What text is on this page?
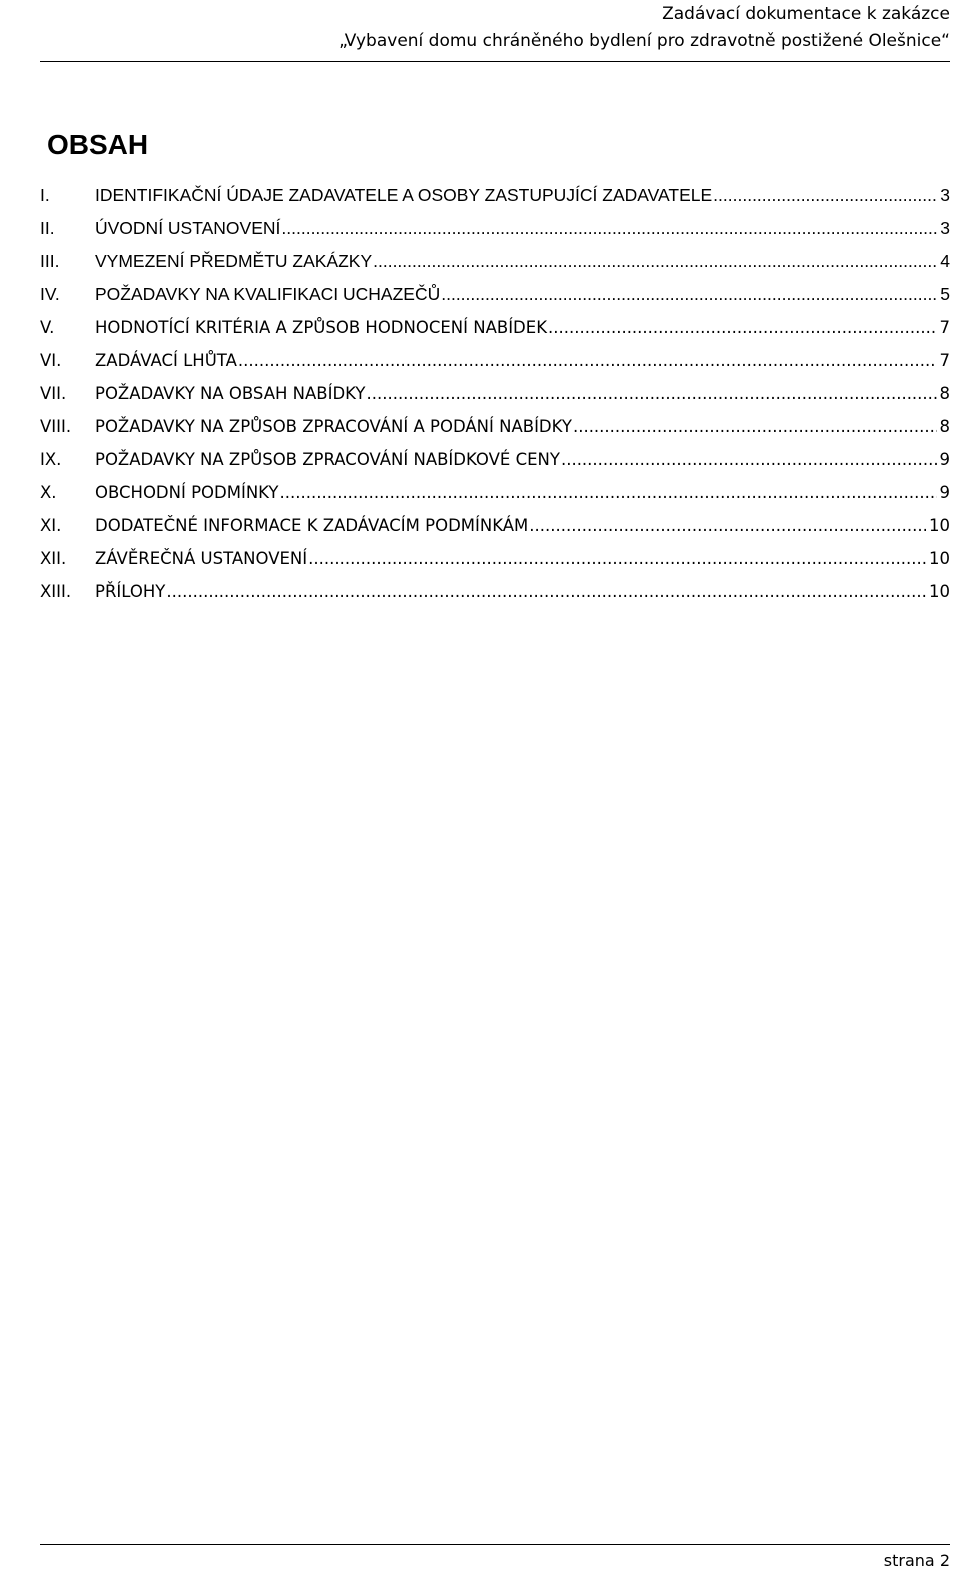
Zadávací dokumentace k zakázce
„Vybavení domu chráněného bydlení pro zdravotně postižené Olešnice“
OBSAH
I.	IDENTIFIKAČNÍ ÚDAJE ZADAVATELE A OSOBY ZASTUPUJÍCÍ ZADAVATELE .....	3
II.	ÚVODNÍ USTANOVENÍ .....	3
III.	VYMEZENÍ PŘEDMĚTU ZAKÁZKY .....	4
IV.	POŽADAVKY NA KVALIFIKACI UCHAZEČŮ .....	5
V.	HODNOTÍCÍ KRITÉRIA A ZPŮSOB HODNOCENÍ NABÍDEK .....	7
VI.	ZADÁVACÍ LHŮTA .....	7
VII.	POŽADAVKY NA OBSAH NABÍDKY .....	8
VIII.	POŽADAVKY NA ZPŮSOB ZPRACOVÁNÍ A PODÁNÍ NABÍDKY .....	8
IX.	POŽADAVKY NA ZPŮSOB ZPRACOVÁNÍ NABÍDKOVÉ CENY .....	9
X.	OBCHODNÍ PODMÍNKY .....	9
XI.	DODATEČNÉ INFORMACE K ZADÁVACÍM PODMÍNKÁM .....	10
XII.	ZÁVĚREČNÁ USTANOVENÍ .....	10
XIII.	PŘÍLOHY .....	10
strana 2
